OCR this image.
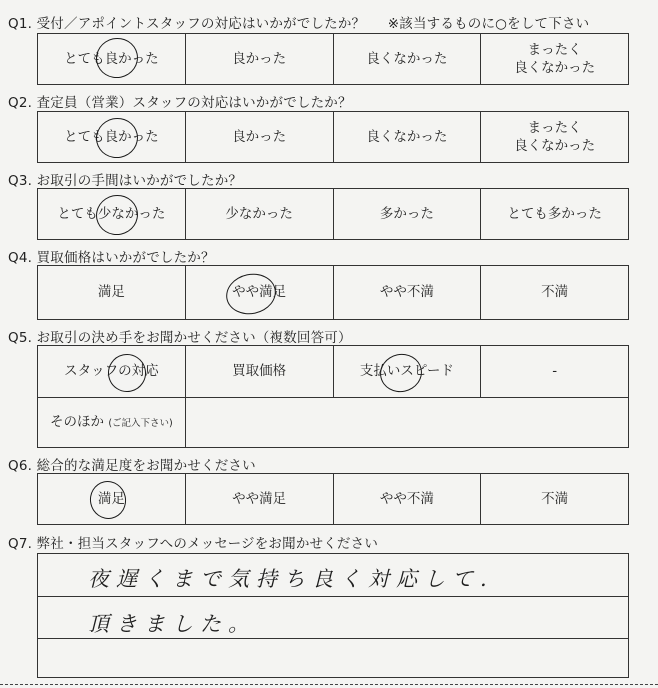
Q1. 受付／アポイントスタッフの対応はいかがでしたか？ ※該当するものに○をして下さい
とても良かった	良かった	良くなかった	まったく
良くなかった
Q2. 査定員（営業）スタッフの対応はいかがでしたか？
とても良かった	良かった	良くなかった	まったく
良くなかった
Q3. お取引の手間はいかがでしたか？
とても少なかった	少なかった	多かった	とても多かった
Q4. 買取価格はいかがでしたか？
満足	やや満足	やや不満	不満
Q5. お取引の決め手をお聞かせください（複数回答可）
スタッフの対応	買取価格	支払いスピード	-
そのほか (ご記入下さい)			
Q6. 総合的な満足度をお聞かせください
満足	やや満足	やや不満	不満
Q7. 弊社・担当スタッフへのメッセージをお聞かせください
夜遅くまで気持ち良く対応して.
頂きました。
